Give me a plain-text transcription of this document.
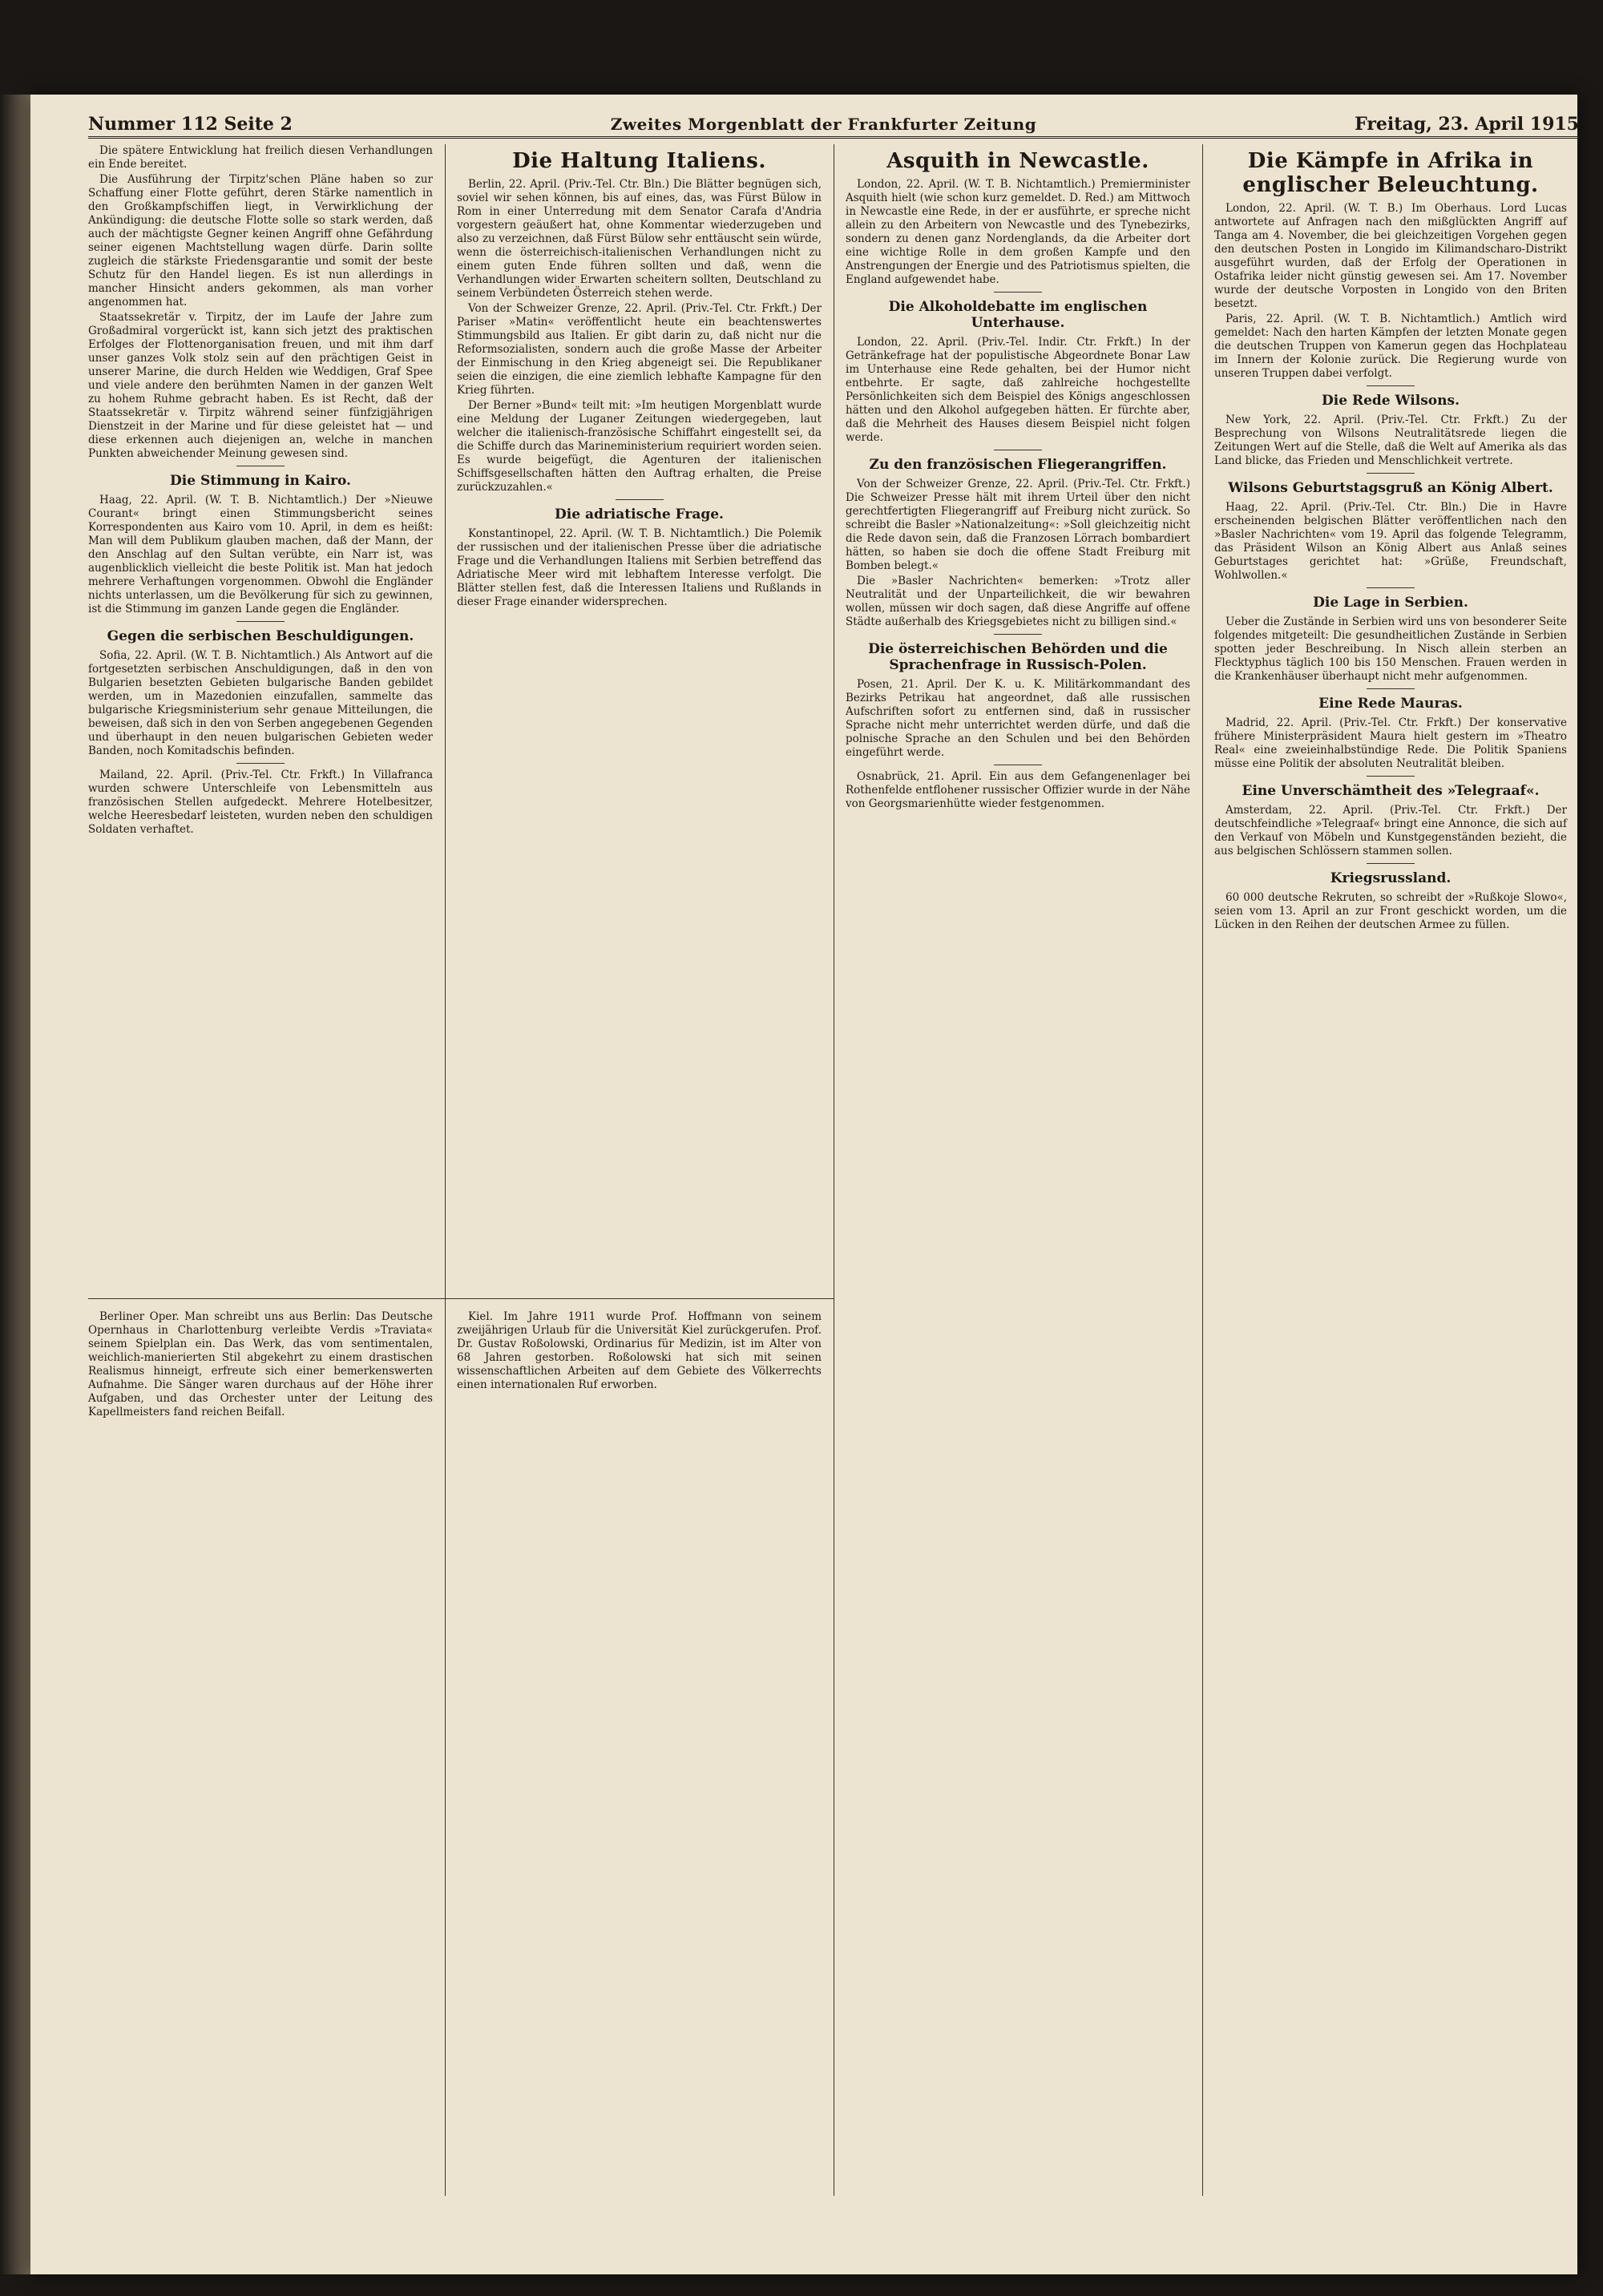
Nummer 112 Seite 2	Zweites Morgenblatt der Frankfurter Zeitung	Freitag, 23. April 1915

Die spätere Entwicklung hat freilich diesen Verhandlungen ein Ende bereitet.

Die Ausführung der Tirpitz'schen Pläne haben so zur Schaffung einer Flotte geführt, deren Stärke namentlich in den Großkampfschiffen liegt, in Verwirklichung der Ankündigung: die deutsche Flotte solle so stark werden, daß auch der mächtigste Gegner keinen Angriff ohne Gefährdung seiner eigenen Machtstellung wagen dürfe. Darin sollte zugleich die stärkste Friedensgarantie und somit der beste Schutz für den Handel liegen. Es ist nun allerdings in mancher Hinsicht anders gekommen, als man vorher angenommen hat.

Staatssekretär v. Tirpitz, der im Laufe der Jahre zum Großadmiral vorgerückt ist, kann sich jetzt des praktischen Erfolges der Flottenorganisation freuen, und mit ihm darf unser ganzes Volk stolz sein auf den prächtigen Geist in unserer Marine, die durch Helden wie Weddigen, Graf Spee und viele andere den berühmten Namen in der ganzen Welt zu hohem Ruhme gebracht haben. Es ist Recht, daß der Staatssekretär v. Tirpitz während seiner fünfzigjährigen Dienstzeit in der Marine und für diese geleistet hat — und diese erkennen auch diejenigen an, welche in manchen Punkten abweichender Meinung gewesen sind.

Die Stimmung in Kairo.

Haag, 22. April. (W. T. B. Nichtamtlich.) Der »Nieuwe Courant« bringt einen Stimmungsbericht seines Korrespondenten aus Kairo vom 10. April, in dem es heißt: Man will dem Publikum glauben machen, daß der Mann, der den Anschlag auf den Sultan verübte, ein Narr ist, was augenblicklich vielleicht die beste Politik ist. Man hat jedoch mehrere Verhaftungen vorgenommen. Obwohl die Engländer nichts unterlassen, um die Bevölkerung für sich zu gewinnen, ist die Stimmung im ganzen Lande gegen die Engländer.

Gegen die serbischen Beschuldigungen.

Sofia, 22. April. (W. T. B. Nichtamtlich.) Als Antwort auf die fortgesetzten serbischen Anschuldigungen, daß in den von Bulgarien besetzten Gebieten bulgarische Banden gebildet werden, um in Mazedonien einzufallen, sammelte das bulgarische Kriegsministerium sehr genaue Mitteilungen, die beweisen, daß sich in den von Serben angegebenen Gegenden und überhaupt in den neuen bulgarischen Gebieten weder Banden, noch Komitadschis befinden.

Mailand, 22. April. (Priv.-Tel. Ctr. Frkft.) In Villafranca wurden schwere Unterschleife von Lebensmitteln aus französischen Stellen aufgedeckt. Mehrere Hotelbesitzer, welche Heeresbedarf leisteten, wurden neben den schuldigen Soldaten verhaftet.

Berliner Oper. Man schreibt uns aus Berlin: Das Deutsche Opernhaus in Charlottenburg verleibte Verdis »Traviata« seinem Spielplan ein. Das Werk, das vom sentimentalen, weichlich-manierierten Stil abgekehrt zu einem drastischen Realismus hinneigt, erfreute sich einer bemerkenswerten Aufnahme. Die Sänger waren durchaus auf der Höhe ihrer Aufgaben, und das Orchester unter der Leitung des Kapellmeisters fand reichen Beifall.

Die Haltung Italiens.

Berlin, 22. April. (Priv.-Tel. Ctr. Bln.) Die Blätter begnügen sich, soviel wir sehen können, bis auf eines, das, was Fürst Bülow in Rom in einer Unterredung mit dem Senator Carafa d'Andria vorgestern geäußert hat, ohne Kommentar wiederzugeben und also zu verzeichnen, daß Fürst Bülow sehr enttäuscht sein würde, wenn die österreichisch-italienischen Verhandlungen nicht zu einem guten Ende führen sollten und daß, wenn die Verhandlungen wider Erwarten scheitern sollten, Deutschland zu seinem Verbündeten Österreich stehen werde.

Von der Schweizer Grenze, 22. April. (Priv.-Tel. Ctr. Frkft.) Der Pariser »Matin« veröffentlicht heute ein beachtenswertes Stimmungsbild aus Italien. Er gibt darin zu, daß nicht nur die Reformsozialisten, sondern auch die große Masse der Arbeiter der Einmischung in den Krieg abgeneigt sei. Die Republikaner seien die einzigen, die eine ziemlich lebhafte Kampagne für den Krieg führten.

Der Berner »Bund« teilt mit: »Im heutigen Morgenblatt wurde eine Meldung der Luganer Zeitungen wiedergegeben, laut welcher die italienisch-französische Schiffahrt eingestellt sei, da die Schiffe durch das Marineministerium requiriert worden seien. Es wurde beigefügt, die Agenturen der italienischen Schiffsgesellschaften hätten den Auftrag erhalten, die Preise zurückzuzahlen.«

Die adriatische Frage.

Konstantinopel, 22. April. (W. T. B. Nichtamtlich.) Die Polemik der russischen und der italienischen Presse über die adriatische Frage und die Verhandlungen Italiens mit Serbien betreffend das Adriatische Meer wird mit lebhaftem Interesse verfolgt. Die Blätter stellen fest, daß die Interessen Italiens und Rußlands in dieser Frage einander widersprechen.

Kiel. Im Jahre 1911 wurde Prof. Hoffmann von seinem zweijährigen Urlaub für die Universität Kiel zurückgerufen. Prof. Dr. Gustav Roßolowski, Ordinarius für Medizin, ist im Alter von 68 Jahren gestorben. Roßolowski hat sich mit seinen wissenschaftlichen Arbeiten auf dem Gebiete des Völkerrechts einen internationalen Ruf erworben.

Asquith in Newcastle.

London, 22. April. (W. T. B. Nichtamtlich.) Premierminister Asquith hielt (wie schon kurz gemeldet. D. Red.) am Mittwoch in Newcastle eine Rede, in der er ausführte, er spreche nicht allein zu den Arbeitern von Newcastle und des Tynebezirks, sondern zu denen ganz Nordenglands, da die Arbeiter dort eine wichtige Rolle in dem großen Kampfe und den Anstrengungen der Energie und des Patriotismus spielten, die England aufgewendet habe.

Die Alkoholdebatte im englischen Unterhause.

London, 22. April. (Priv.-Tel. Indir. Ctr. Frkft.) In der Getränkefrage hat der populistische Abgeordnete Bonar Law im Unterhause eine Rede gehalten, bei der Humor nicht entbehrte. Er sagte, daß zahlreiche hochgestellte Persönlichkeiten sich dem Beispiel des Königs angeschlossen hätten und den Alkohol aufgegeben hätten. Er fürchte aber, daß die Mehrheit des Hauses diesem Beispiel nicht folgen werde.

Zu den französischen Fliegerangriffen.

Von der Schweizer Grenze, 22. April. (Priv.-Tel. Ctr. Frkft.) Die Schweizer Presse hält mit ihrem Urteil über den nicht gerechtfertigten Fliegerangriff auf Freiburg nicht zurück. So schreibt die Basler »Nationalzeitung«: »Soll gleichzeitig nicht die Rede davon sein, daß die Franzosen Lörrach bombardiert hätten, so haben sie doch die offene Stadt Freiburg mit Bomben belegt.«

Die »Basler Nachrichten« bemerken: »Trotz aller Neutralität und der Unparteilichkeit, die wir bewahren wollen, müssen wir doch sagen, daß diese Angriffe auf offene Städte außerhalb des Kriegsgebietes nicht zu billigen sind.«

Die österreichischen Behörden und die Sprachenfrage in Russisch-Polen.

Posen, 21. April. Der K. u. K. Militärkommandant des Bezirks Petrikau hat angeordnet, daß alle russischen Aufschriften sofort zu entfernen sind, daß in russischer Sprache nicht mehr unterrichtet werden dürfe, und daß die polnische Sprache an den Schulen und bei den Behörden eingeführt werde.

Osnabrück, 21. April. Ein aus dem Gefangenenlager bei Rothenfelde entflohener russischer Offizier wurde in der Nähe von Georgsmarienhütte wieder festgenommen.

Die Kämpfe in Afrika in englischer Beleuchtung.

London, 22. April. (W. T. B.) Im Oberhaus. Lord Lucas antwortete auf Anfragen nach den mißglückten Angriff auf Tanga am 4. November, die bei gleichzeitigen Vorgehen gegen den deutschen Posten in Longido im Kilimandscharo-Distrikt ausgeführt wurden, daß der Erfolg der Operationen in Ostafrika leider nicht günstig gewesen sei. Am 17. November wurde der deutsche Vorposten in Longido von den Briten besetzt.

Paris, 22. April. (W. T. B. Nichtamtlich.) Amtlich wird gemeldet: Nach den harten Kämpfen der letzten Monate gegen die deutschen Truppen von Kamerun gegen das Hochplateau im Innern der Kolonie zurück. Die Regierung wurde von unseren Truppen dabei verfolgt.

Die Rede Wilsons.

New York, 22. April. (Priv.-Tel. Ctr. Frkft.) Zu der Besprechung von Wilsons Neutralitätsrede liegen die Zeitungen Wert auf die Stelle, daß die Welt auf Amerika als das Land blicke, das Frieden und Menschlichkeit vertrete.

Wilsons Geburtstagsgruß an König Albert.

Haag, 22. April. (Priv.-Tel. Ctr. Bln.) Die in Havre erscheinenden belgischen Blätter veröffentlichen nach den »Basler Nachrichten« vom 19. April das folgende Telegramm, das Präsident Wilson an König Albert aus Anlaß seines Geburtstages gerichtet hat: »Grüße, Freundschaft, Wohlwollen.«

Die Lage in Serbien.

Ueber die Zustände in Serbien wird uns von besonderer Seite folgendes mitgeteilt: Die gesundheitlichen Zustände in Serbien spotten jeder Beschreibung. In Nisch allein sterben an Flecktyphus täglich 100 bis 150 Menschen. Frauen werden in die Krankenhäuser überhaupt nicht mehr aufgenommen.

Eine Rede Mauras.

Madrid, 22. April. (Priv.-Tel. Ctr. Frkft.) Der konservative frühere Ministerpräsident Maura hielt gestern im »Theatro Real« eine zweieinhalbstündige Rede. Die Politik Spaniens müsse eine Politik der absoluten Neutralität bleiben.

Eine Unverschämtheit des »Telegraaf«.

Amsterdam, 22. April. (Priv.-Tel. Ctr. Frkft.) Der deutschfeindliche »Telegraaf« bringt eine Annonce, die sich auf den Verkauf von Möbeln und Kunstgegenständen bezieht, die aus belgischen Schlössern stammen sollen.

Kriegsrussland.

60 000 deutsche Rekruten, so schreibt der »Rußkoje Slowo«, seien vom 13. April an zur Front geschickt worden, um die Lücken in den Reihen der deutschen Armee zu füllen.
